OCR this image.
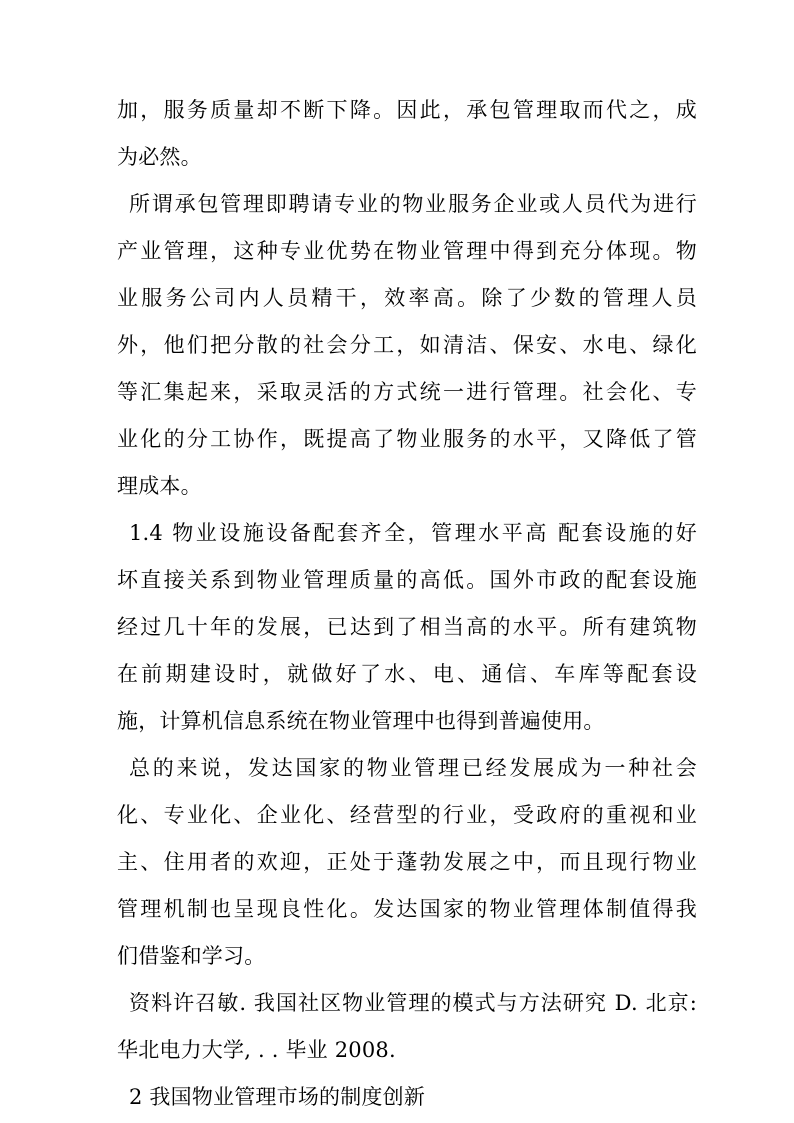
加，服务质量却不断下降。因此，承包管理取而代之，成
为必然。
所谓承包管理即聘请专业的物业服务企业或人员代为进行
产业管理，这种专业优势在物业管理中得到充分体现。物
业服务公司内人员精干，效率高。除了少数的管理人员
外，他们把分散的社会分工，如清洁、保安、水电、绿化
等汇集起来，采取灵活的方式统一进行管理。社会化、专
业化的分工协作，既提高了物业服务的水平，又降低了管
理成本。
1.4 物业设施设备配套齐全，管理水平高 配套设施的好
坏直接关系到物业管理质量的高低。国外市政的配套设施
经过几十年的发展，已达到了相当高的水平。所有建筑物
在前期建设时，就做好了水、电、通信、车库等配套设
施，计算机信息系统在物业管理中也得到普遍使用。
总的来说，发达国家的物业管理已经发展成为一种社会
化、专业化、企业化、经营型的行业，受政府的重视和业
主、住用者的欢迎，正处于蓬勃发展之中，而且现行物业
管理机制也呈现良性化。发达国家的物业管理体制值得我
们借鉴和学习。
资料许召敏. 我国社区物业管理的模式与方法研究 D. 北京:
华北电力大学, . . 毕业 2008.
2 我国物业管理市场的制度创新
